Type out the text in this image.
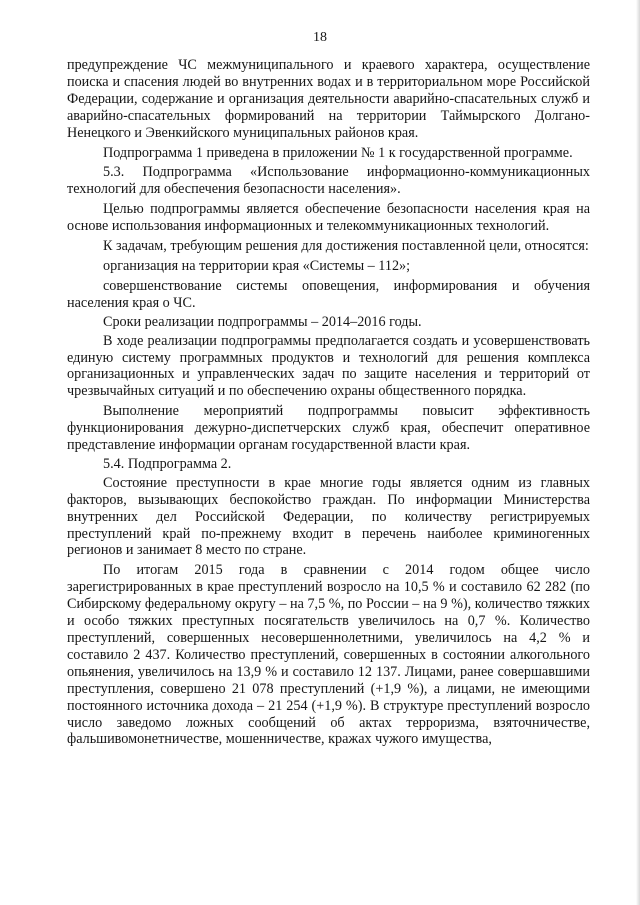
18

предупреждение ЧС межмуниципального и краевого характера, осуществление поиска и спасения людей во внутренних водах и в территориальном море Российской Федерации, содержание и организация деятельности аварийно-спасательных служб и аварийно-спасательных формирований на территории Таймырского Долгано-Ненецкого и Эвенкийского муниципальных районов края.

Подпрограмма 1 приведена в приложении № 1 к государственной программе.

5.3. Подпрограмма «Использование информационно-коммуникационных технологий для обеспечения безопасности населения».

Целью подпрограммы является обеспечение безопасности населения края на основе использования информационных и телекоммуникационных технологий.

К задачам, требующим решения для достижения поставленной цели, относятся:

организация на территории края «Системы – 112»;

совершенствование системы оповещения, информирования и обучения населения края о ЧС.

Сроки реализации подпрограммы – 2014–2016 годы.

В ходе реализации подпрограммы предполагается создать и усовершенствовать единую систему программных продуктов и технологий для решения комплекса организационных и управленческих задач по защите населения и территорий от чрезвычайных ситуаций и по обеспечению охраны общественного порядка.

Выполнение мероприятий подпрограммы повысит эффективность функционирования дежурно-диспетчерских служб края, обеспечит оперативное представление информации органам государственной власти края.

5.4. Подпрограмма 2.

Состояние преступности в крае многие годы является одним из главных факторов, вызывающих беспокойство граждан. По информации Министерства внутренних дел Российской Федерации, по количеству регистрируемых преступлений край по-прежнему входит в перечень наиболее криминогенных регионов и занимает 8 место по стране.

По итогам 2015 года в сравнении с 2014 годом общее число зарегистрированных в крае преступлений возросло на 10,5 % и составило 62 282 (по Сибирскому федеральному округу – на 7,5 %, по России – на 9 %), количество тяжких и особо тяжких преступных посягательств увеличилось на 0,7 %. Количество преступлений, совершенных несовершеннолетними, увеличилось на 4,2 % и составило 2 437. Количество преступлений, совершенных в состоянии алкогольного опьянения, увеличилось на 13,9 % и составило 12 137. Лицами, ранее совершавшими преступления, совершено 21 078 преступлений (+1,9 %), а лицами, не имеющими постоянного источника дохода – 21 254 (+1,9 %). В структуре преступлений возросло число заведомо ложных сообщений об актах терроризма, взяточничестве, фальшивомонетничестве, мошенничестве, кражах чужого имущества,
